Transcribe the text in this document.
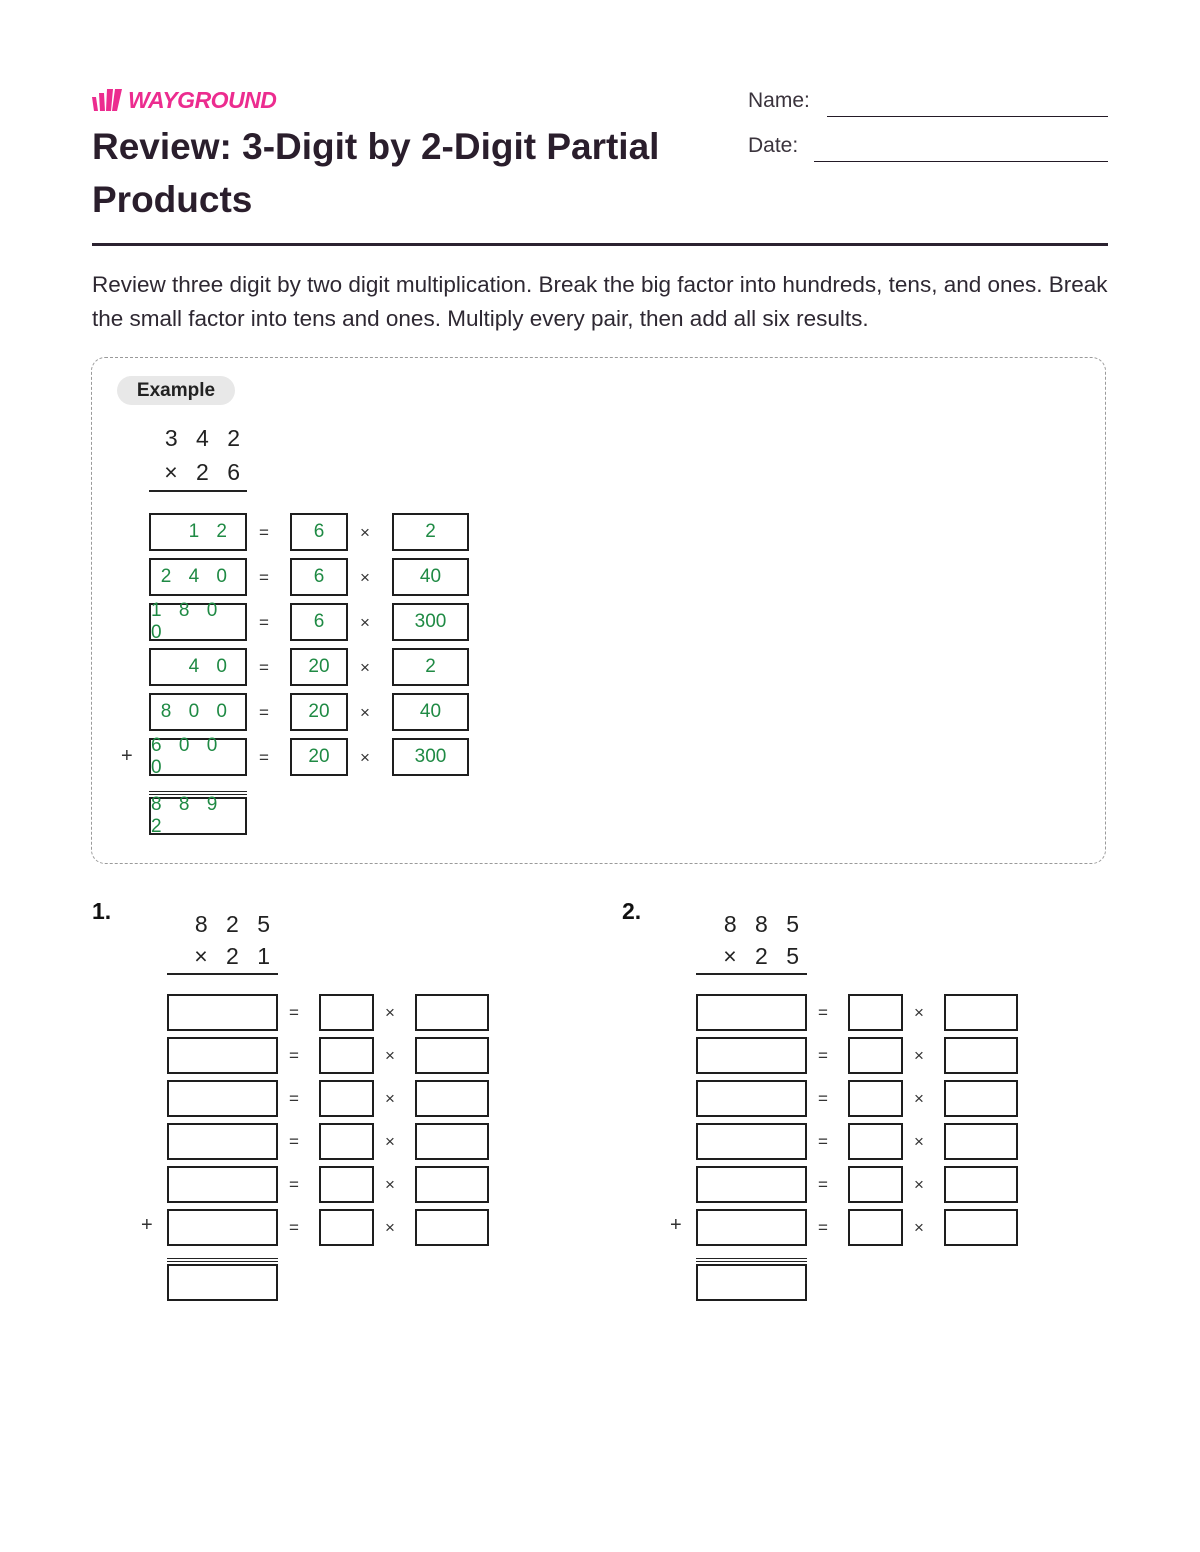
WAYGROUND
Review: 3-Digit by 2-Digit Partial Products
Name:
Date:
Review three digit by two digit multiplication. Break the big factor into hundreds, tens, and ones. Break the small factor into tens and ones. Multiply every pair, then add all six results.
Example
3 4 2
× 2 6
1 2	=	6	×	2
2 4 0	=	6	×	40
1 8 0 0	=	6	×	300
4 0	=	20	×	2
8 0 0	=	20	×	40
6 0 0 0	=	20	×	300
+
8 8 9 2
1.	8 2 5
× 2 1
=	×
=	×
=	×
=	×
=	×
=	×
+
2.	8 8 5
× 2 5
=	×
=	×
=	×
=	×
=	×
=	×
+
